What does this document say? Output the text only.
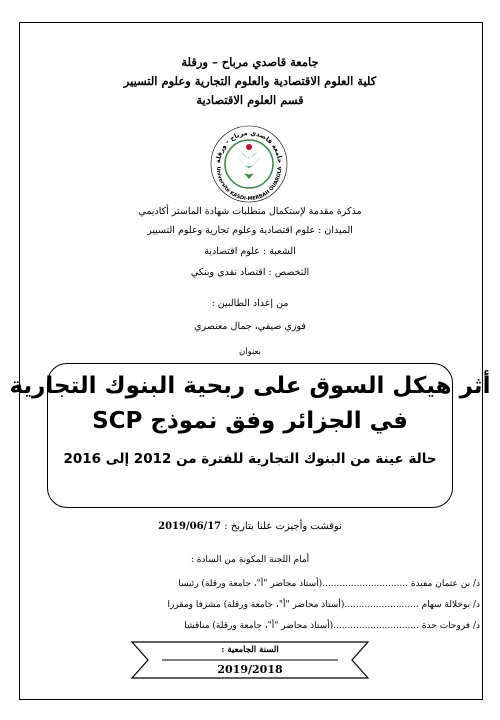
جامعة قاصدي مرباح – ورقلة
كلية العلوم الاقتصادية والعلوم التجارية وعلوم التسيير
قسم العلوم الاقتصادية
جامعة قاصدي مرباح - ورقلة
Université KASDI-MERBAH OUARGLA
مذكرة مقدمة لإستكمال متطلبات شهادة الماستر أكاديمي
الميدان : علوم اقتصادية وعلوم تجارية وعلوم التسيير
الشعبة : علوم اقتصادية
التخصص : اقتصاد نقدي وبنكي
من إعداد الطالبين :
فوزي صيفي، جمال معنصري
بعنوان
أثر هيكل السوق على ربحية البنوك التجارية
في الجزائر وفق نموذج SCP
حالة عينة من البنوك التجارية للفترة من 2012 إلى 2016
نوقشت وأجيزت علنا بتاريخ : 2019/06/17
أمام اللجنة المكونة من السادة :
د/ بن عثمان مفيدة ..............................(أستاذ محاضر "أ"، جامعة ورقلة) رئيسا
د/ بوخلالة سهام ..........................(أستاذ محاضر "أ"، جامعة ورقلة) مشرفا ومقررا
د/ فروحات حدة ..............................(أستاذ محاضر "أ"، جامعة ورقلة) مناقشا
السنة الجامعية :
2019/2018
